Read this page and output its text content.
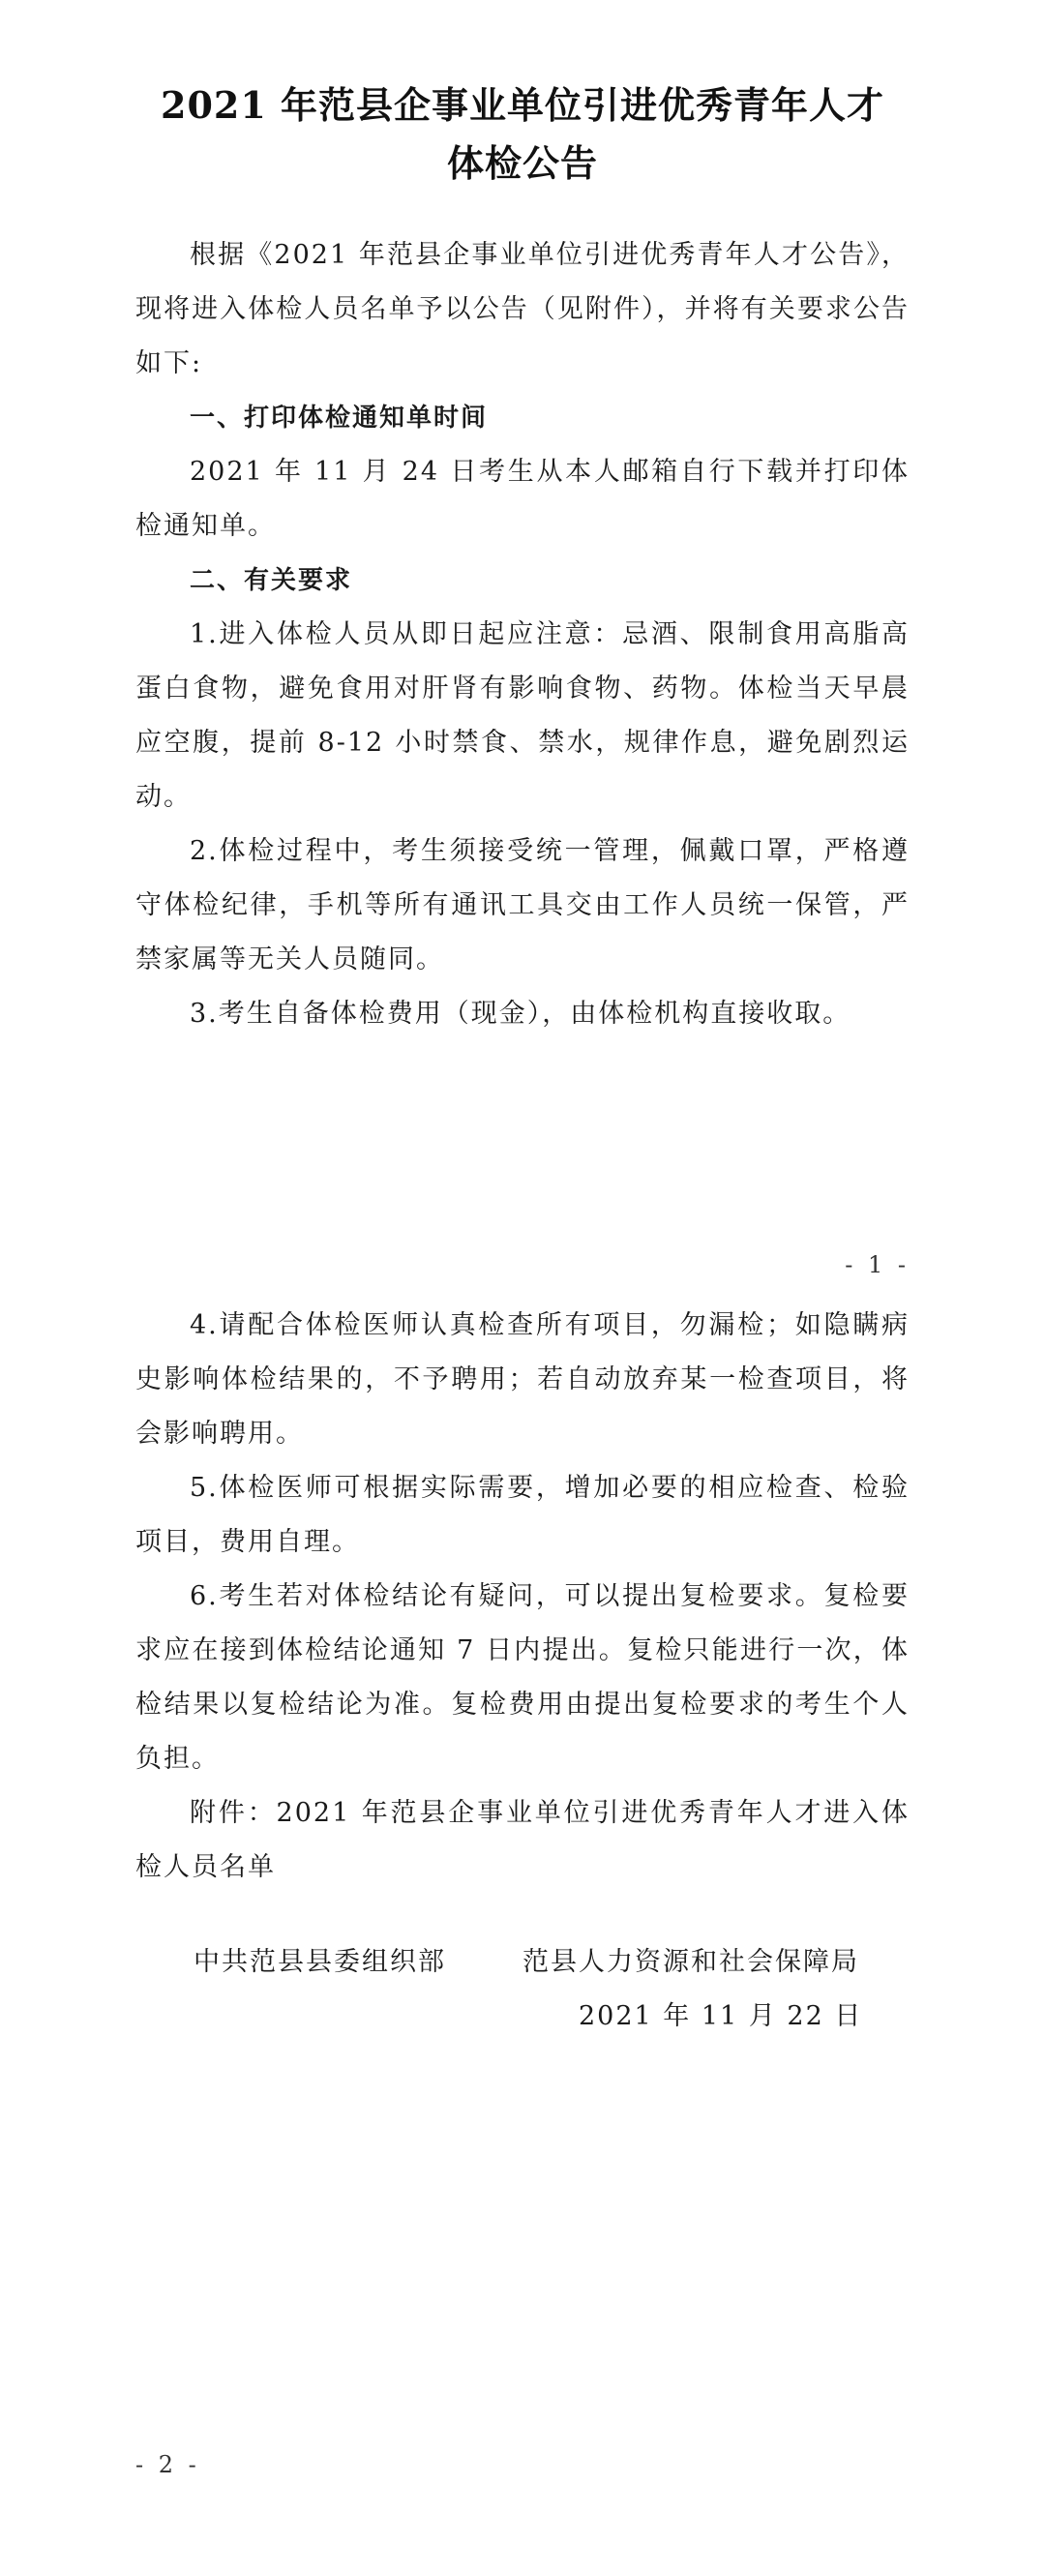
2021 年范县企事业单位引进优秀青年人才
体检公告

根据《2021 年范县企事业单位引进优秀青年人才公告》，现将进入体检人员名单予以公告（见附件），并将有关要求公告如下:

一、打印体检通知单时间

2021 年 11 月 24 日考生从本人邮箱自行下载并打印体检通知单。

二、有关要求

1.进入体检人员从即日起应注意：忌酒、限制食用高脂高蛋白食物，避免食用对肝肾有影响食物、药物。体检当天早晨应空腹，提前 8-12 小时禁食、禁水，规律作息，避免剧烈运动。

2.体检过程中，考生须接受统一管理，佩戴口罩，严格遵守体检纪律，手机等所有通讯工具交由工作人员统一保管，严禁家属等无关人员随同。

3.考生自备体检费用（现金），由体检机构直接收取。

- 1 -

4.请配合体检医师认真检查所有项目，勿漏检；如隐瞒病史影响体检结果的，不予聘用；若自动放弃某一检查项目，将会影响聘用。

5.体检医师可根据实际需要，增加必要的相应检查、检验项目，费用自理。

6.考生若对体检结论有疑问，可以提出复检要求。复检要求应在接到体检结论通知 7 日内提出。复检只能进行一次，体检结果以复检结论为准。复检费用由提出复检要求的考生个人负担。

附件：2021 年范县企事业单位引进优秀青年人才进入体检人员名单

中共范县县委组织部	范县人力资源和社会保障局
2021 年 11 月 22 日
- 2 -
